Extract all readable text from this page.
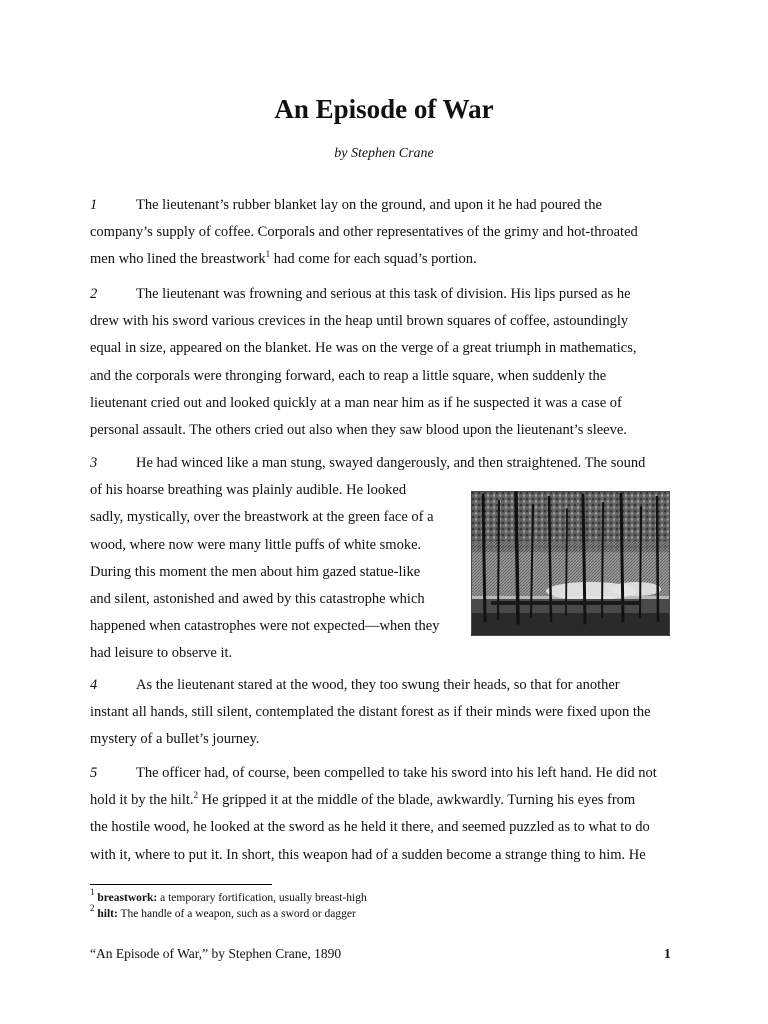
An Episode of War
by Stephen Crane
1	The lieutenant’s rubber blanket lay on the ground, and upon it he had poured the
company’s supply of coffee. Corporals and other representatives of the grimy and hot-throated
men who lined the breastwork$^1$ had come for each squad’s portion.
2	The lieutenant was frowning and serious at this task of division. His lips pursed as he
drew with his sword various crevices in the heap until brown squares of coffee, astoundingly
equal in size, appeared on the blanket. He was on the verge of a great triumph in mathematics,
and the corporals were thronging forward, each to reap a little square, when suddenly the
lieutenant cried out and looked quickly at a man near him as if he suspected it was a case of
personal assault. The others cried out also when they saw blood upon the lieutenant’s sleeve.
3	He had winced like a man stung, swayed dangerously, and then straightened. The sound
of his hoarse breathing was plainly audible. He looked
sadly, mystically, over the breastwork at the green face of a
wood, where now were many little puffs of white smoke.
During this moment the men about him gazed statue-like
and silent, astonished and awed by this catastrophe which
happened when catastrophes were not expected—when they
had leisure to observe it.
4	As the lieutenant stared at the wood, they too swung their heads, so that for another
instant all hands, still silent, contemplated the distant forest as if their minds were fixed upon the
mystery of a bullet’s journey.
5	The officer had, of course, been compelled to take his sword into his left hand. He did not
hold it by the hilt.$^2$ He gripped it at the middle of the blade, awkwardly. Turning his eyes from
the hostile wood, he looked at the sword as he held it there, and seemed puzzled as to what to do
with it, where to put it. In short, this weapon had of a sudden become a strange thing to him. He
$^1$ breastwork: a temporary fortification, usually breast-high
$^2$ hilt: The handle of a weapon, such as a sword or dagger
“An Episode of War,” by Stephen Crane, 1890	1
